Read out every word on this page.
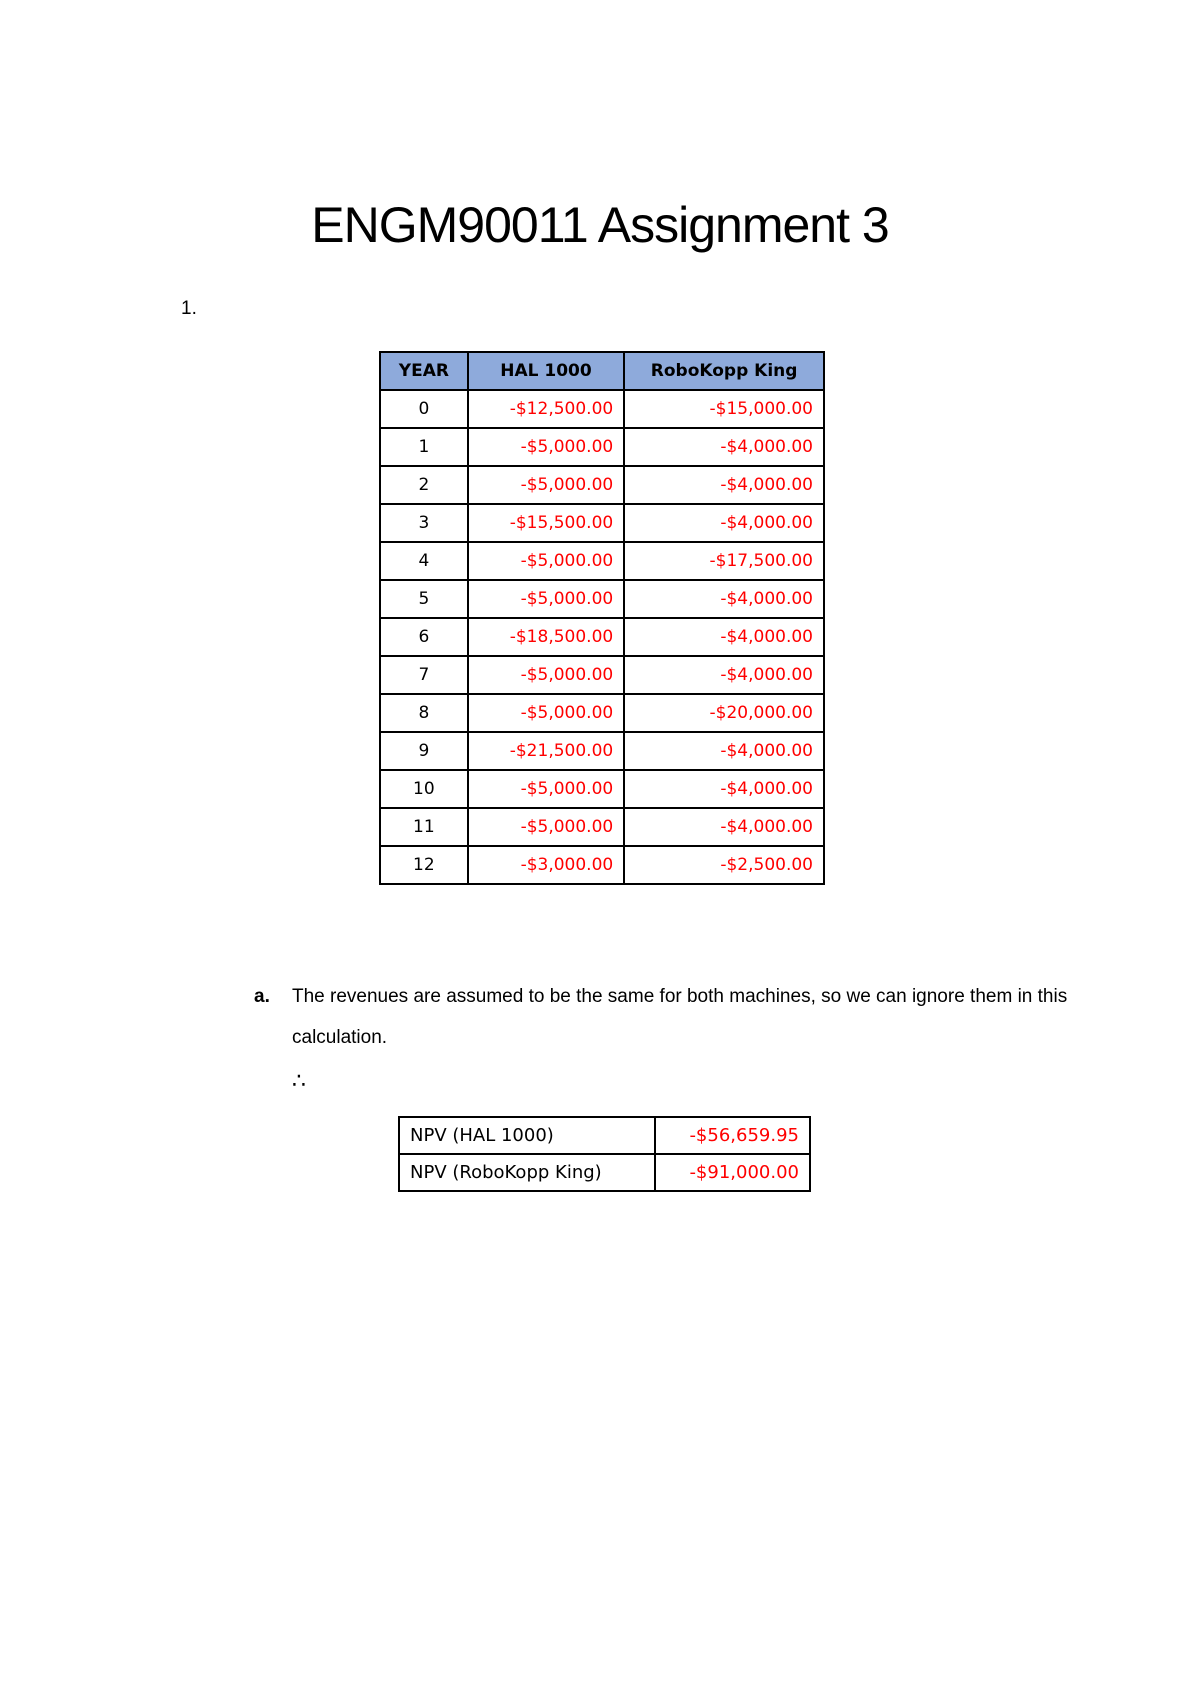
ENGM90011 Assignment 3
1.
YEAR	HAL 1000	RoboKopp King
0	-$12,500.00	-$15,000.00
1	-$5,000.00	-$4,000.00
2	-$5,000.00	-$4,000.00
3	-$15,500.00	-$4,000.00
4	-$5,000.00	-$17,500.00
5	-$5,000.00	-$4,000.00
6	-$18,500.00	-$4,000.00
7	-$5,000.00	-$4,000.00
8	-$5,000.00	-$20,000.00
9	-$21,500.00	-$4,000.00
10	-$5,000.00	-$4,000.00
11	-$5,000.00	-$4,000.00
12	-$3,000.00	-$2,500.00
a. The revenues are assumed to be the same for both machines, so we can ignore them in this calculation.
∴
NPV (HAL 1000)	-$56,659.95
NPV (RoboKopp King)	-$91,000.00
